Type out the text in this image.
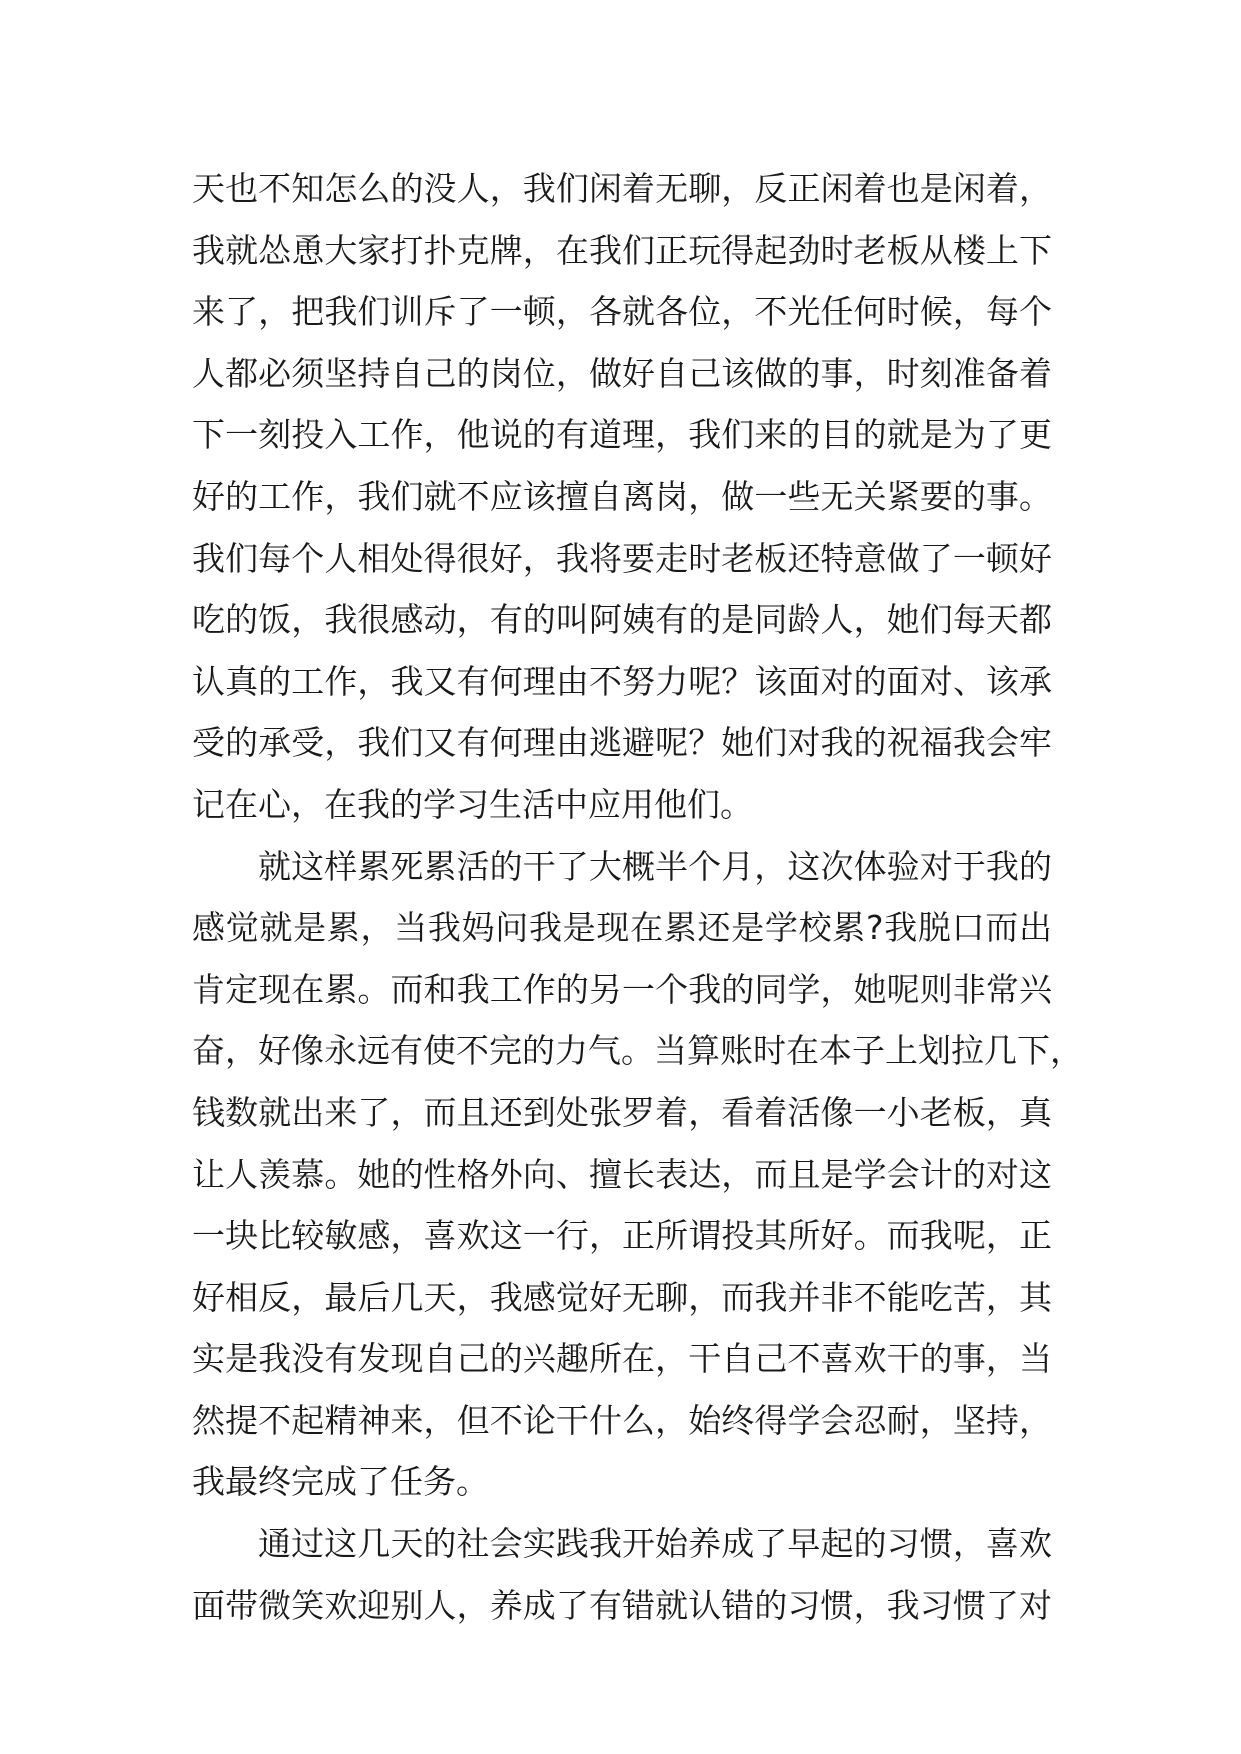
天也不知怎么的没人，我们闲着无聊，反正闲着也是闲着，
我就怂恿大家打扑克牌，在我们正玩得起劲时老板从楼上下
来了，把我们训斥了一顿，各就各位，不光任何时候，每个
人都必须坚持自己的岗位，做好自己该做的事，时刻准备着
下一刻投入工作，他说的有道理，我们来的目的就是为了更
好的工作，我们就不应该擅自离岗，做一些无关紧要的事。
我们每个人相处得很好，我将要走时老板还特意做了一顿好
吃的饭，我很感动，有的叫阿姨有的是同龄人，她们每天都
认真的工作，我又有何理由不努力呢？该面对的面对、该承
受的承受，我们又有何理由逃避呢？她们对我的祝福我会牢
记在心，在我的学习生活中应用他们。
就这样累死累活的干了大概半个月，这次体验对于我的
感觉就是累，当我妈问我是现在累还是学校累?我脱口而出
肯定现在累。而和我工作的另一个我的同学，她呢则非常兴
奋，好像永远有使不完的力气。当算账时在本子上划拉几下，
钱数就出来了，而且还到处张罗着，看着活像一小老板，真
让人羡慕。她的性格外向、擅长表达，而且是学会计的对这
一块比较敏感，喜欢这一行，正所谓投其所好。而我呢，正
好相反，最后几天，我感觉好无聊，而我并非不能吃苦，其
实是我没有发现自己的兴趣所在，干自己不喜欢干的事，当
然提不起精神来，但不论干什么，始终得学会忍耐，坚持，
我最终完成了任务。
通过这几天的社会实践我开始养成了早起的习惯，喜欢
面带微笑欢迎别人，养成了有错就认错的习惯，我习惯了对
